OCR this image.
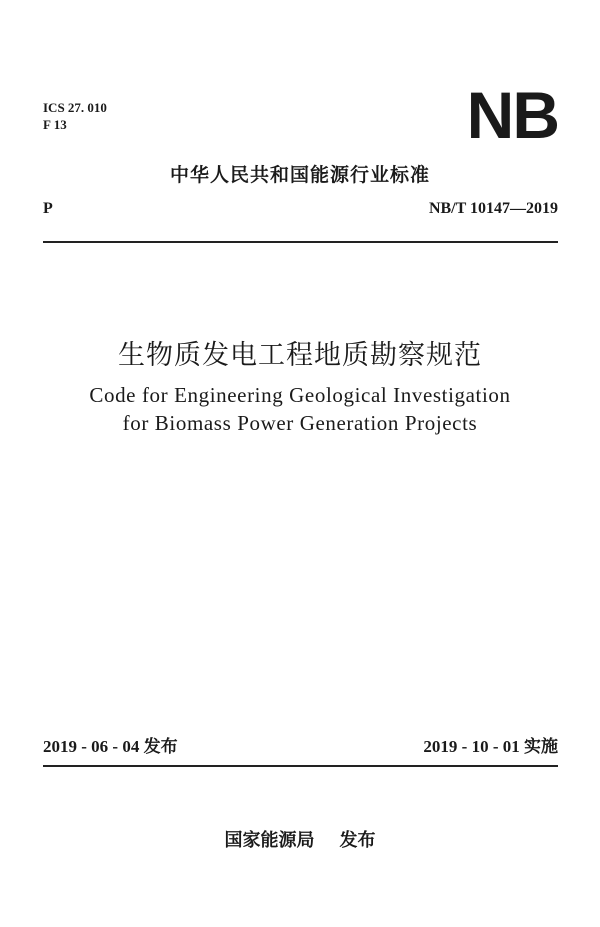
ICS 27. 010
F 13	NB
中华人民共和国能源行业标准
P	NB/T 10147—2019
生物质发电工程地质勘察规范
Code for Engineering Geological Investigation
for Biomass Power Generation Projects
2019 - 06 - 04 发布	2019 - 10 - 01 实施
国家能源局 发布
